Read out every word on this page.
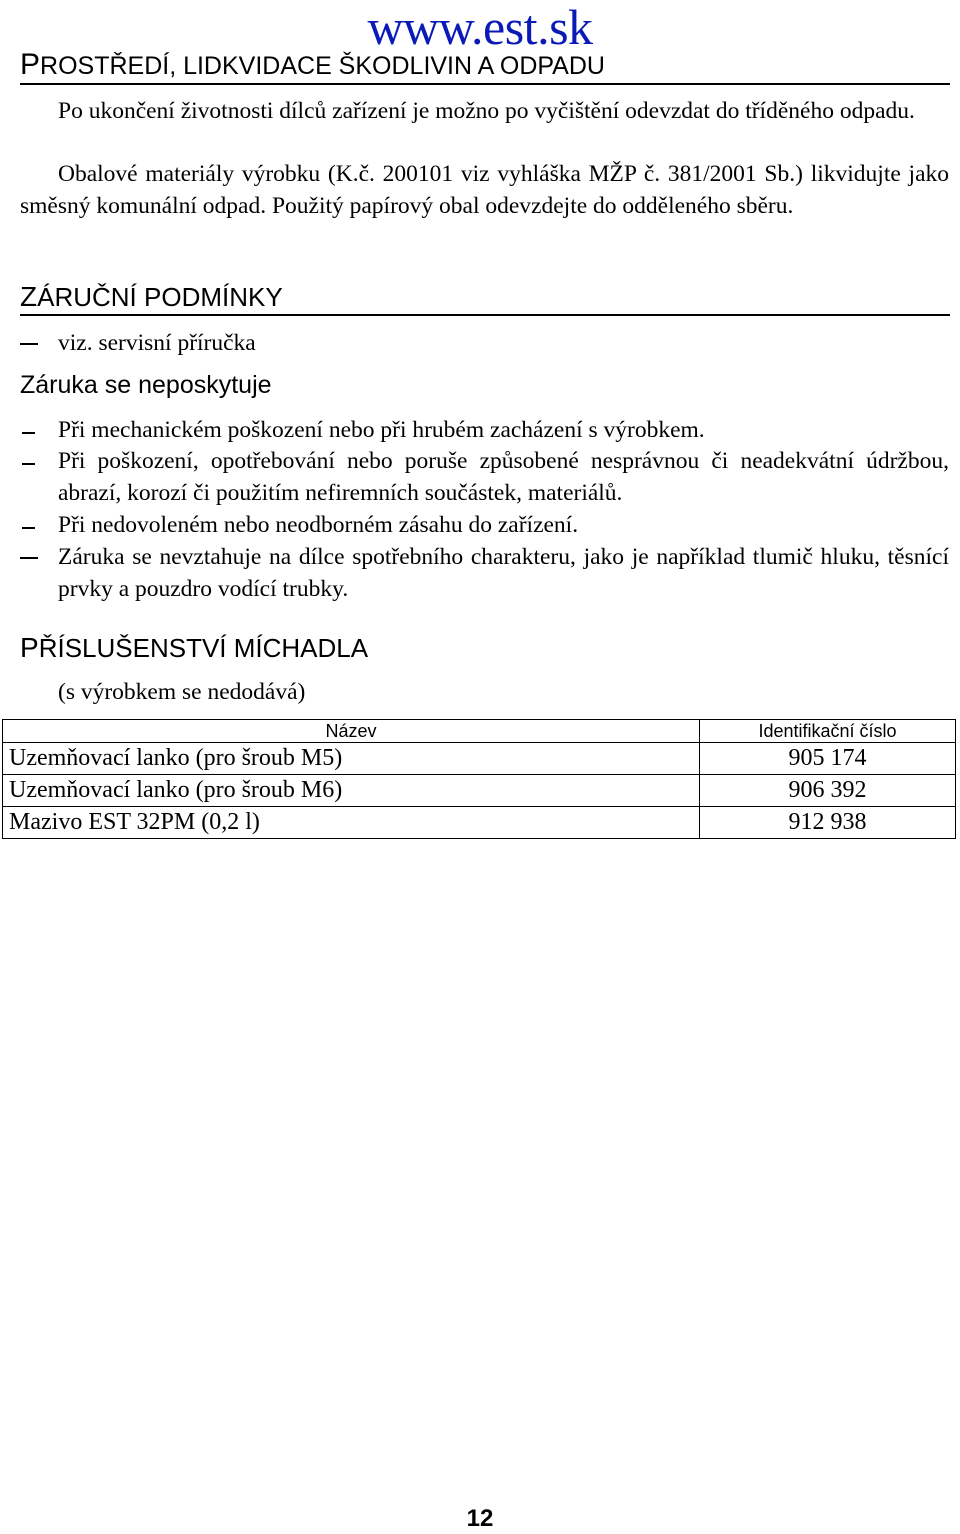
www.est.sk
PROSTŘEDÍ, LIDKVIDACE ŠKODLIVIN A ODPADU
Po ukončení životnosti dílců zařízení je možno po vyčištění odevzdat do tříděného odpadu.
Obalové materiály výrobku (K.č. 200101 viz vyhláška MŽP č. 381/2001 Sb.) likvidujte jako směsný komunální odpad. Použitý papírový obal odevzdejte do odděleného sběru.
ZÁRUČNÍ PODMÍNKY
viz. servisní příručka
Záruka se neposkytuje
Při mechanickém poškození nebo při hrubém zacházení s výrobkem.
Při poškození, opotřebování nebo poruše způsobené nesprávnou či neadekvátní údržbou, abrazí, korozí či použitím nefiremních součástek, materiálů.
Při nedovoleném nebo neodborném zásahu do zařízení.
Záruka se nevztahuje na dílce spotřebního charakteru, jako je například tlumič hluku, těsnící prvky a pouzdro vodící trubky.
PŘÍSLUŠENSTVÍ MÍCHADLA
(s výrobkem se nedodává)
Název	Identifikační číslo
Uzemňovací lanko (pro šroub M5)	905 174
Uzemňovací lanko (pro šroub M6)	906 392
Mazivo EST 32PM (0,2 l)	912 938
12
